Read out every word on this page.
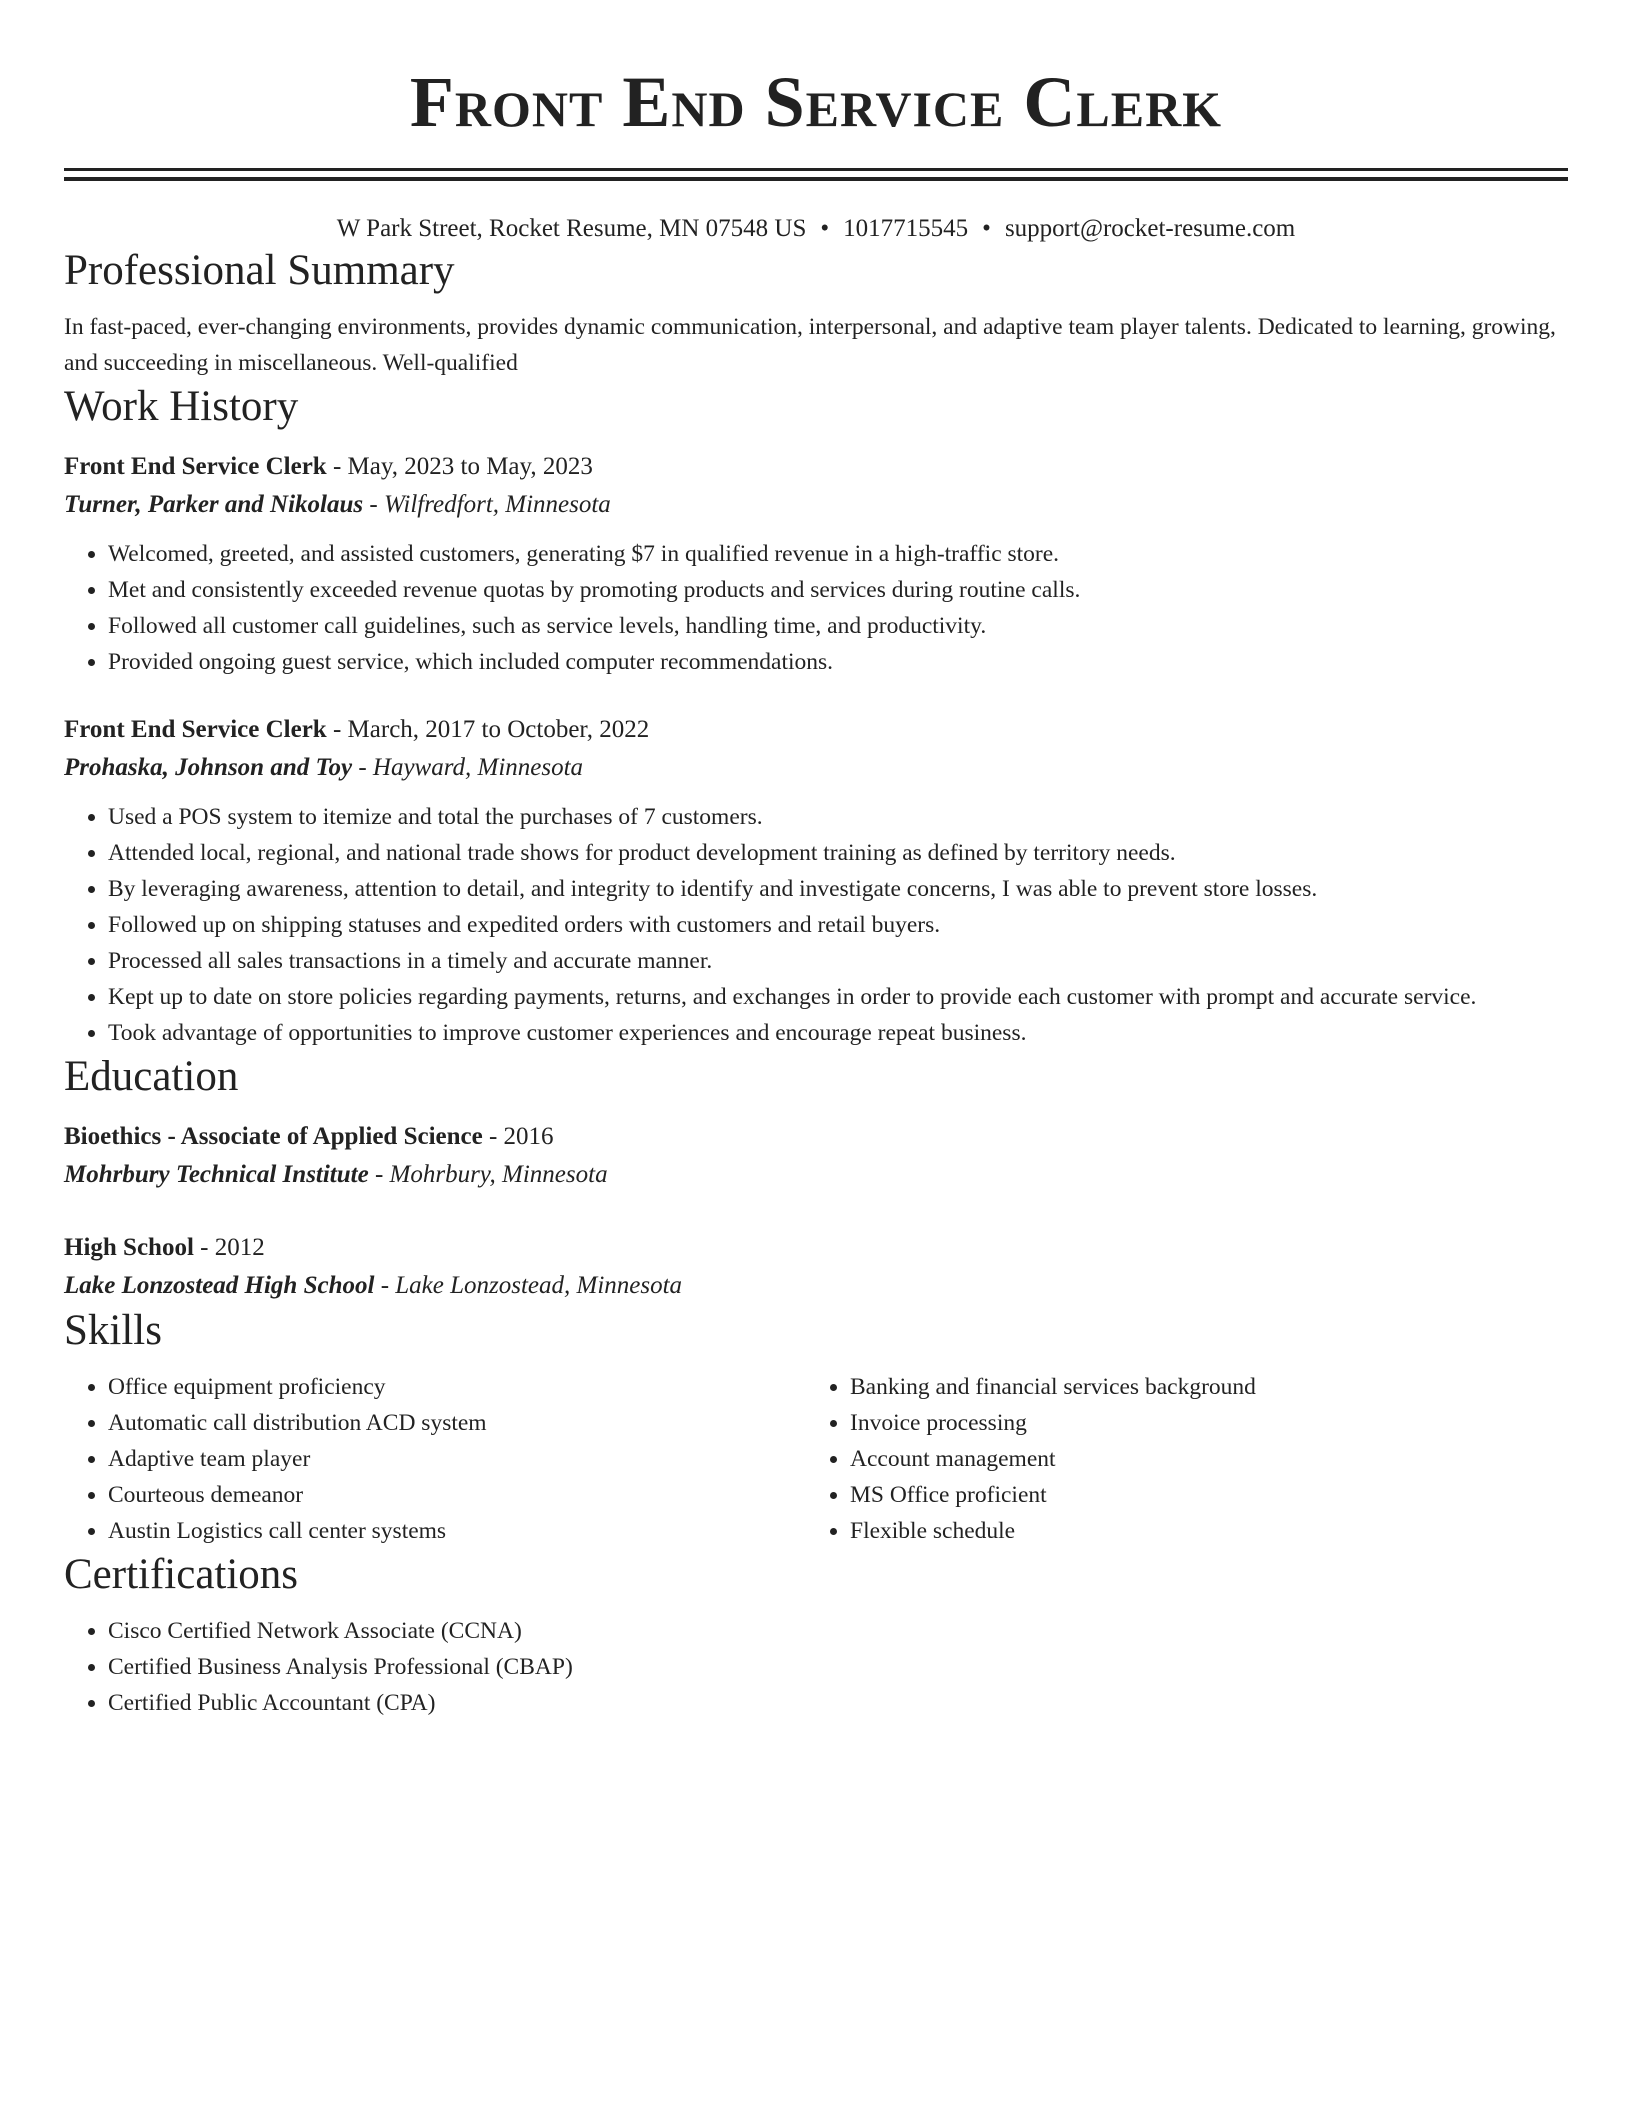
Front End Service Clerk
W Park Street, Rocket Resume, MN 07548 US • 1017715545 • support@rocket-resume.com
Professional Summary
In fast-paced, ever-changing environments, provides dynamic communication, interpersonal, and adaptive team player talents. Dedicated to learning, growing, and succeeding in miscellaneous. Well-qualified
Work History
Front End Service Clerk - May, 2023 to May, 2023
Turner, Parker and Nikolaus - Wilfredfort, Minnesota
• Welcomed, greeted, and assisted customers, generating $7 in qualified revenue in a high-traffic store.
• Met and consistently exceeded revenue quotas by promoting products and services during routine calls.
• Followed all customer call guidelines, such as service levels, handling time, and productivity.
• Provided ongoing guest service, which included computer recommendations.
Front End Service Clerk - March, 2017 to October, 2022
Prohaska, Johnson and Toy - Hayward, Minnesota
• Used a POS system to itemize and total the purchases of 7 customers.
• Attended local, regional, and national trade shows for product development training as defined by territory needs.
• By leveraging awareness, attention to detail, and integrity to identify and investigate concerns, I was able to prevent store losses.
• Followed up on shipping statuses and expedited orders with customers and retail buyers.
• Processed all sales transactions in a timely and accurate manner.
• Kept up to date on store policies regarding payments, returns, and exchanges in order to provide each customer with prompt and accurate service.
• Took advantage of opportunities to improve customer experiences and encourage repeat business.
Education
Bioethics - Associate of Applied Science - 2016
Mohrbury Technical Institute - Mohrbury, Minnesota
High School - 2012
Lake Lonzostead High School - Lake Lonzostead, Minnesota
Skills
• Office equipment proficiency
• Automatic call distribution ACD system
• Adaptive team player
• Courteous demeanor
• Austin Logistics call center systems
• Banking and financial services background
• Invoice processing
• Account management
• MS Office proficient
• Flexible schedule
Certifications
• Cisco Certified Network Associate (CCNA)
• Certified Business Analysis Professional (CBAP)
• Certified Public Accountant (CPA)
